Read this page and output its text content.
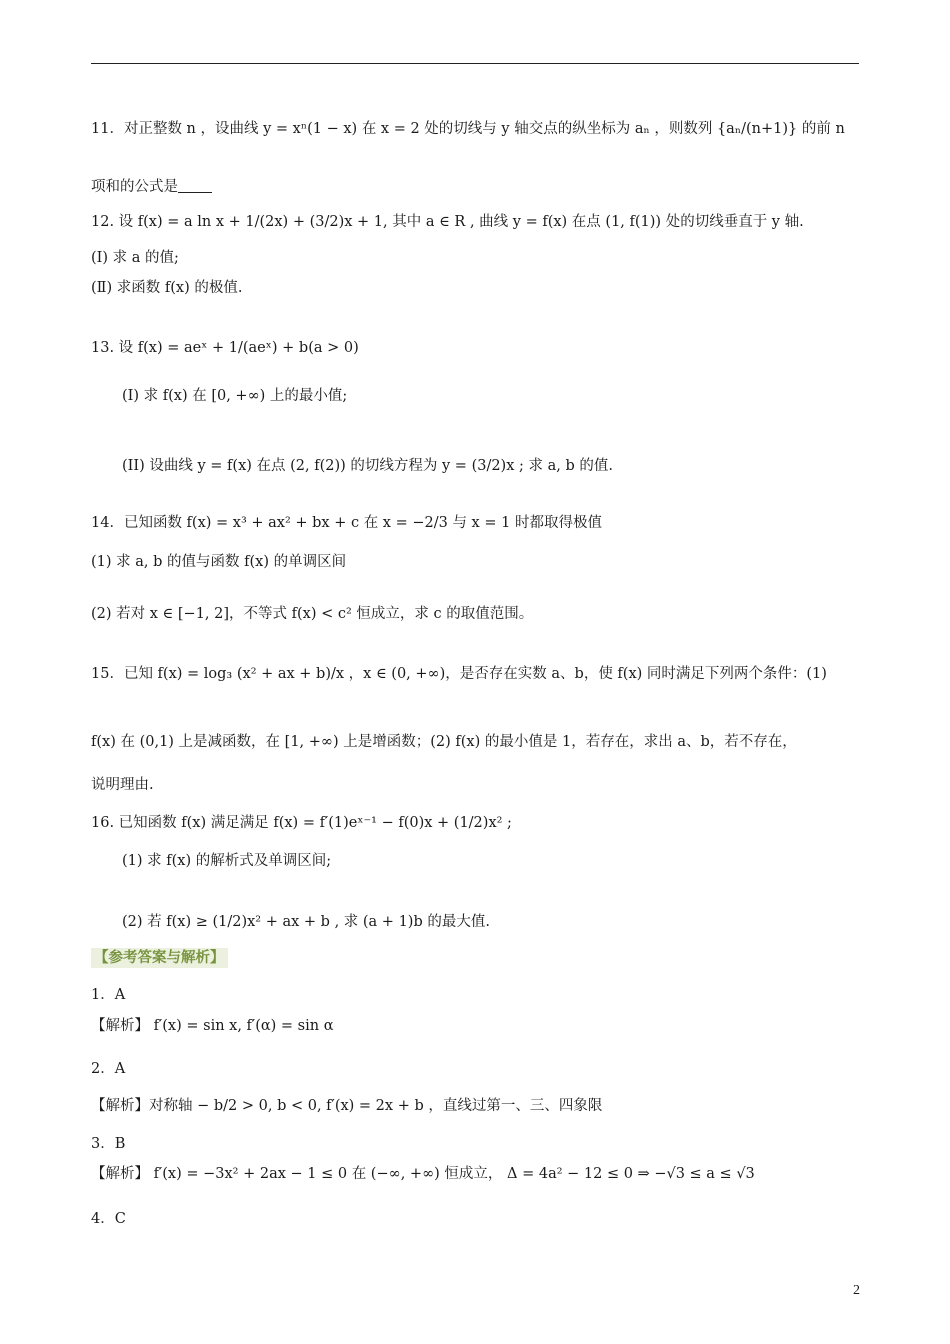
11．对正整数 n ，设曲线 y = xⁿ(1 − x) 在 x = 2 处的切线与 y 轴交点的纵坐标为 aₙ ，则数列 {aₙ/(n+1)} 的前 n
项和的公式是
12. 设 f(x) = a ln x + 1/(2x) + (3/2)x + 1, 其中 a ∈ R , 曲线 y = f(x) 在点 (1, f(1)) 处的切线垂直于 y 轴.
(Ⅰ) 求 a 的值;
(Ⅱ) 求函数 f(x) 的极值.
13. 设 f(x) = aeˣ + 1/(aeˣ) + b(a > 0)
(I) 求 f(x) 在 [0, +∞) 上的最小值;
(II) 设曲线 y = f(x) 在点 (2, f(2)) 的切线方程为 y = (3/2)x ; 求 a, b 的值.
14．已知函数 f(x) = x³ + ax² + bx + c 在 x = −2/3 与 x = 1 时都取得极值
(1) 求 a, b 的值与函数 f(x) 的单调区间
(2) 若对 x ∈ [−1, 2]，不等式 f(x) < c² 恒成立，求 c 的取值范围。
15．已知 f(x) = log₃ (x² + ax + b)/x ，x ∈ (0, +∞)，是否存在实数 a、b，使 f(x) 同时满足下列两个条件：(1)
f(x) 在 (0,1) 上是减函数，在 [1, +∞) 上是增函数；(2) f(x) 的最小值是 1，若存在，求出 a、b，若不存在，
说明理由.
16. 已知函数 f(x) 满足满足 f(x) = f′(1)eˣ⁻¹ − f(0)x + (1/2)x² ;
(1) 求 f(x) 的解析式及单调区间;
(2) 若 f(x) ≥ (1/2)x² + ax + b , 求 (a + 1)b 的最大值.
【参考答案与解析】
1．A
【解析】 f′(x) = sin x, f′(α) = sin α
2．A
【解析】对称轴 − b/2 > 0, b < 0, f′(x) = 2x + b ，直线过第一、三、四象限
3．B
【解析】 f′(x) = −3x² + 2ax − 1 ≤ 0 在 (−∞, +∞) 恒成立， Δ = 4a² − 12 ≤ 0 ⇒ −√3 ≤ a ≤ √3
4．C
2
